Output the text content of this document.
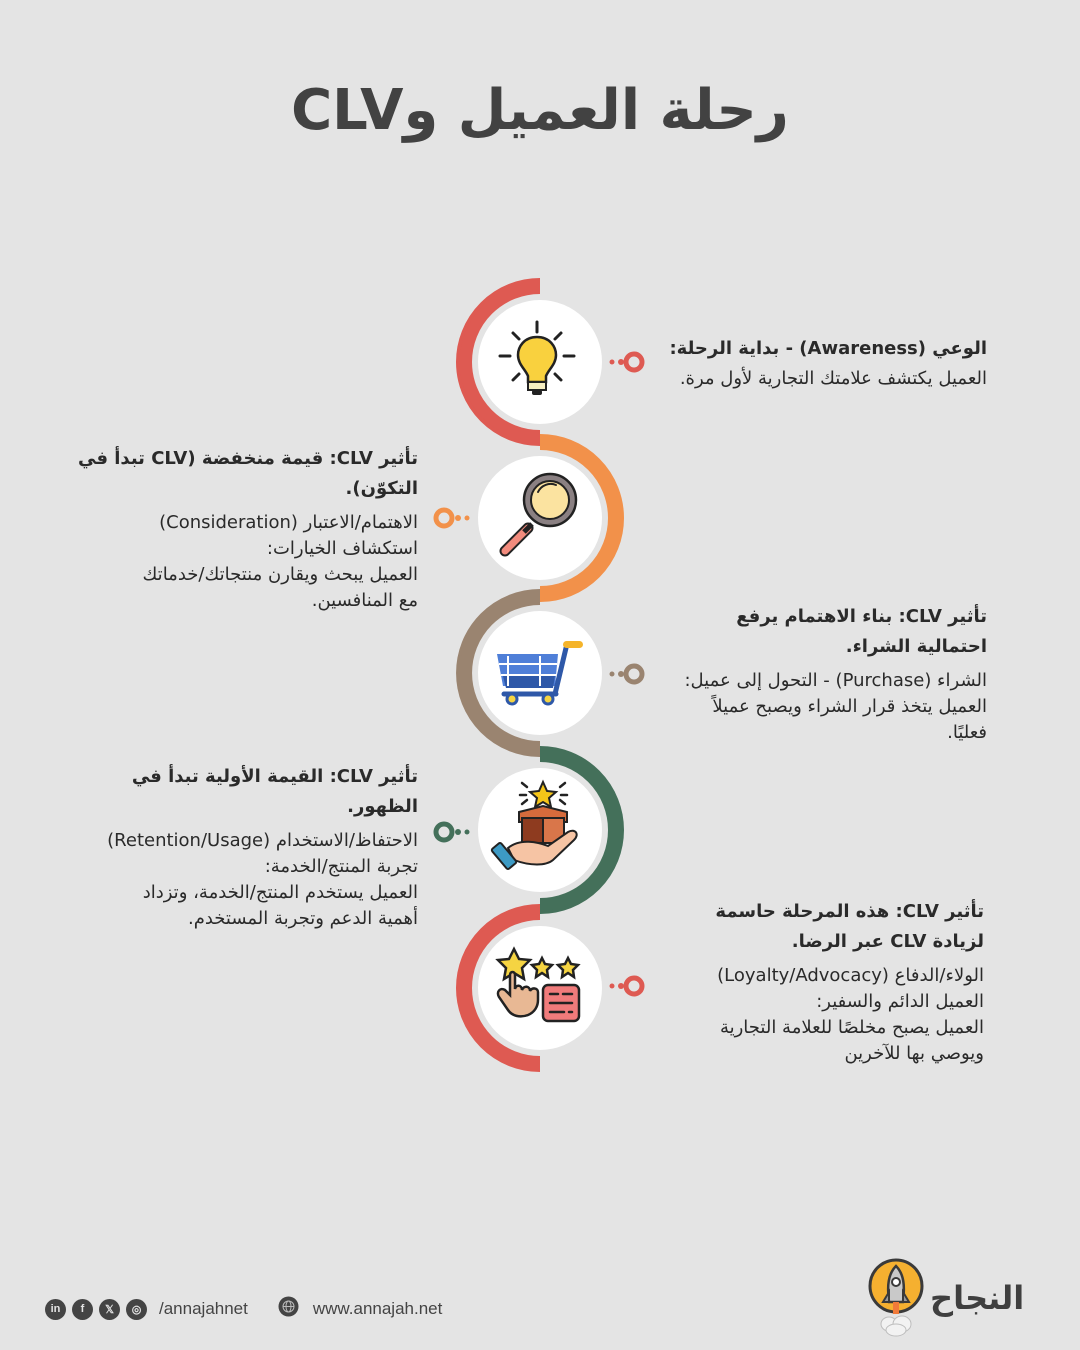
رحلة العميل وCLV
الوعي (Awareness) - بداية الرحلة:
العميل يكتشف علامتك التجارية لأول مرة.
تأثير CLV: قيمة منخفضة (CLV تبدأ في التكوّن).
الاهتمام/الاعتبار (Consideration)
استكشاف الخيارات:
العميل يبحث ويقارن منتجاتك/خدماتك
مع المنافسين.
تأثير CLV: بناء الاهتمام يرفع احتمالية الشراء.
الشراء (Purchase) - التحول إلى عميل:
العميل يتخذ قرار الشراء ويصبح عميلاً
فعليًا.
تأثير CLV: القيمة الأولية تبدأ في الظهور.
الاحتفاظ/الاستخدام (Retention/Usage)
تجربة المنتج/الخدمة:
العميل يستخدم المنتج/الخدمة، وتزداد
أهمية الدعم وتجربة المستخدم.	تأثير CLV: هذه المرحلة حاسمة لزيادة CLV عبر الرضا.
الولاء/الدفاع (Loyalty/Advocacy)
العميل الدائم والسفير:
العميل يصبح مخلصًا للعلامة التجارية
ويوصي بها للآخرين
in	f	𝕏	◎	/annajahnet	www.annajah.net	النجاح
